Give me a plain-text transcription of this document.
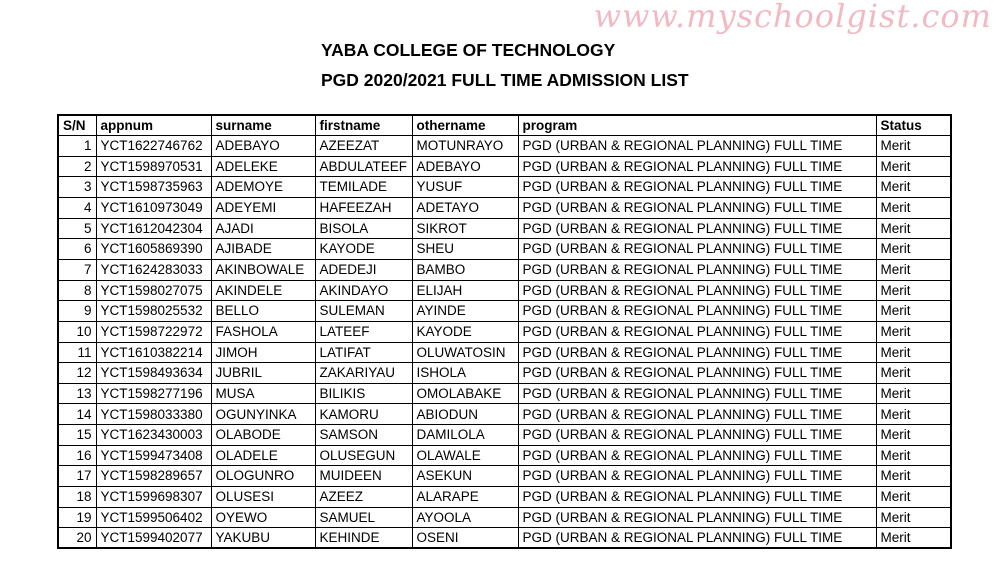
www.myschoolgist.com
YABA COLLEGE OF TECHNOLOGY
PGD 2020/2021 FULL TIME ADMISSION LIST
S/N	appnum	surname	firstname	othername	program	Status
1	YCT1622746762	ADEBAYO	AZEEZAT	MOTUNRAYO	PGD (URBAN & REGIONAL PLANNING) FULL TIME	Merit
2	YCT1598970531	ADELEKE	ABDULATEEF	ADEBAYO	PGD (URBAN & REGIONAL PLANNING) FULL TIME	Merit
3	YCT1598735963	ADEMOYE	TEMILADE	YUSUF	PGD (URBAN & REGIONAL PLANNING) FULL TIME	Merit
4	YCT1610973049	ADEYEMI	HAFEEZAH	ADETAYO	PGD (URBAN & REGIONAL PLANNING) FULL TIME	Merit
5	YCT1612042304	AJADI	BISOLA	SIKROT	PGD (URBAN & REGIONAL PLANNING) FULL TIME	Merit
6	YCT1605869390	AJIBADE	KAYODE	SHEU	PGD (URBAN & REGIONAL PLANNING) FULL TIME	Merit
7	YCT1624283033	AKINBOWALE	ADEDEJI	BAMBO	PGD (URBAN & REGIONAL PLANNING) FULL TIME	Merit
8	YCT1598027075	AKINDELE	AKINDAYO	ELIJAH	PGD (URBAN & REGIONAL PLANNING) FULL TIME	Merit
9	YCT1598025532	BELLO	SULEMAN	AYINDE	PGD (URBAN & REGIONAL PLANNING) FULL TIME	Merit
10	YCT1598722972	FASHOLA	LATEEF	KAYODE	PGD (URBAN & REGIONAL PLANNING) FULL TIME	Merit
11	YCT1610382214	JIMOH	LATIFAT	OLUWATOSIN	PGD (URBAN & REGIONAL PLANNING) FULL TIME	Merit
12	YCT1598493634	JUBRIL	ZAKARIYAU	ISHOLA	PGD (URBAN & REGIONAL PLANNING) FULL TIME	Merit
13	YCT1598277196	MUSA	BILIKIS	OMOLABAKE	PGD (URBAN & REGIONAL PLANNING) FULL TIME	Merit
14	YCT1598033380	OGUNYINKA	KAMORU	ABIODUN	PGD (URBAN & REGIONAL PLANNING) FULL TIME	Merit
15	YCT1623430003	OLABODE	SAMSON	DAMILOLA	PGD (URBAN & REGIONAL PLANNING) FULL TIME	Merit
16	YCT1599473408	OLADELE	OLUSEGUN	OLAWALE	PGD (URBAN & REGIONAL PLANNING) FULL TIME	Merit
17	YCT1598289657	OLOGUNRO	MUIDEEN	ASEKUN	PGD (URBAN & REGIONAL PLANNING) FULL TIME	Merit
18	YCT1599698307	OLUSESI	AZEEZ	ALARAPE	PGD (URBAN & REGIONAL PLANNING) FULL TIME	Merit
19	YCT1599506402	OYEWO	SAMUEL	AYOOLA	PGD (URBAN & REGIONAL PLANNING) FULL TIME	Merit
20	YCT1599402077	YAKUBU	KEHINDE	OSENI	PGD (URBAN & REGIONAL PLANNING) FULL TIME	Merit
